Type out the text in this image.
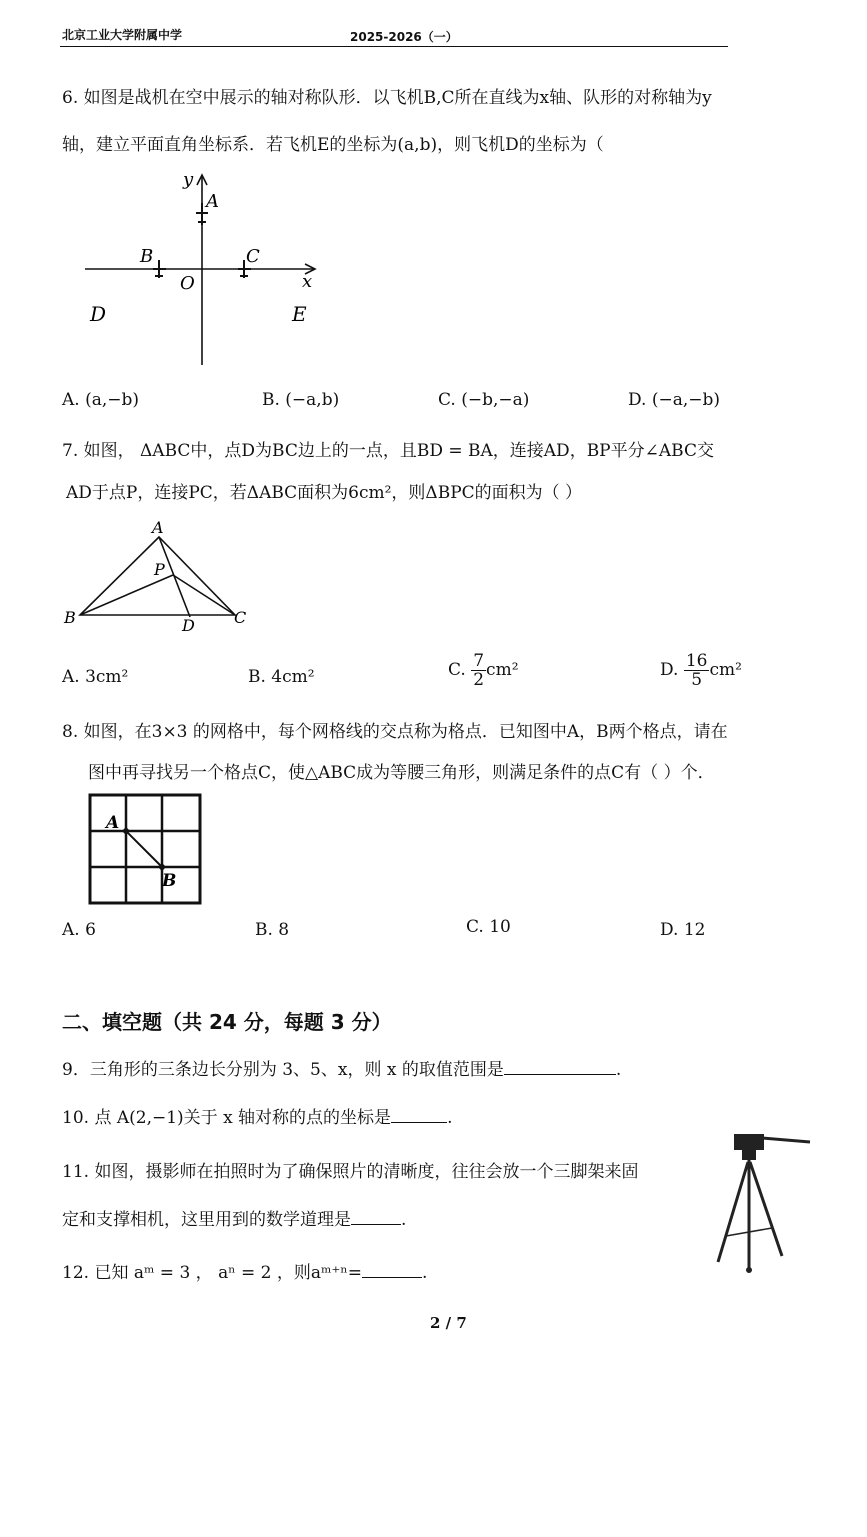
北京工业大学附属中学	2025-2026（一）
6. 如图是战机在空中展示的轴对称队形．以飞机B,C所在直线为x轴、队形的对称轴为y
轴，建立平面直角坐标系．若飞机E的坐标为(a,b)，则飞机D的坐标为（
y
x
O
A
B	C
D	E
A. (a,−b)	B. (−a,b)	C. (−b,−a)	D. (−a,−b)
7. 如图， ΔABC中，点D为BC边上的一点，且BD = BA，连接AD，BP平分∠ABC交
AD于点P，连接PC，若ΔABC面积为6cm²，则ΔBPC的面积为（ ）
A
B	C
D
P
A. 3cm²	B. 4cm²	C. $\frac{7}{2} cm^2$	D. $\frac{16}{5} cm^2$
8. 如图，在3×3 的网格中，每个网格线的交点称为格点．已知图中A，B两个格点，请在
图中再寻找另一个格点C，使△ABC成为等腰三角形，则满足条件的点C有（ ）个．
A
B
A. 6	B. 8	C. 10	D. 12
二、填空题（共 24 分，每题 3 分）
9．三角形的三条边长分别为 3、5、x，则 x 的取值范围是	.
10. 点 A(2,−1)关于 x 轴对称的点的坐标是	.
11. 如图，摄影师在拍照时为了确保照片的清晰度，往往会放一个三脚架来固
定和支撑相机，这里用到的数学道理是	.
12. 已知 aᵐ = 3 ， aⁿ = 2 ，则aᵐ⁺ⁿ=	.
2 / 7
